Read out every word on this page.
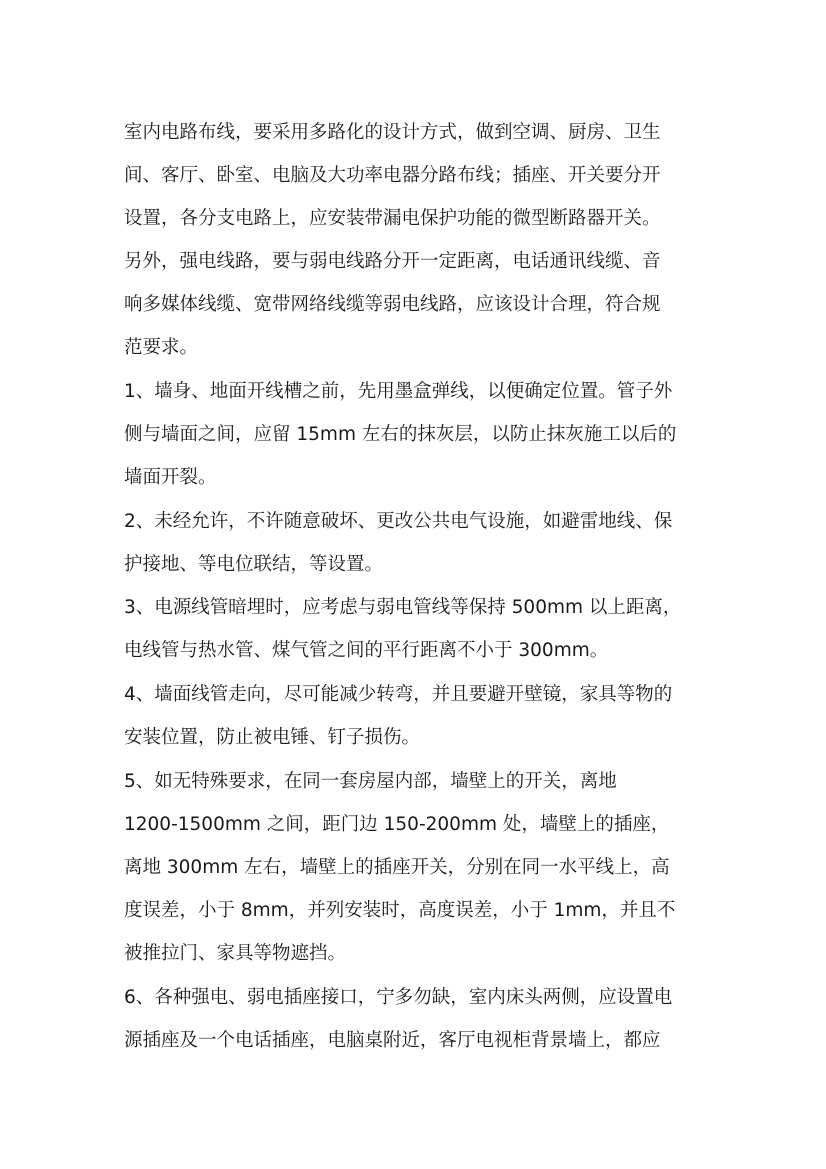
室内电路布线，要采用多路化的设计方式，做到空调、厨房、卫生

间、客厅、卧室、电脑及大功率电器分路布线；插座、开关要分开

设置，各分支电路上，应安装带漏电保护功能的微型断路器开关。

另外，强电线路，要与弱电线路分开一定距离，电话通讯线缆、音

响多媒体线缆、宽带网络线缆等弱电线路，应该设计合理，符合规

范要求。

1、墙身、地面开线槽之前，先用墨盒弹线，以便确定位置。管子外

侧与墙面之间，应留 15mm 左右的抹灰层，以防止抹灰施工以后的

墙面开裂。

2、未经允许，不许随意破坏、更改公共电气设施，如避雷地线、保

护接地、等电位联结，等设置。

3、电源线管暗埋时，应考虑与弱电管线等保持 500mm 以上距离，

电线管与热水管、煤气管之间的平行距离不小于 300mm。

4、墙面线管走向，尽可能减少转弯，并且要避开壁镜，家具等物的

安装位置，防止被电锤、钉子损伤。

5、如无特殊要求，在同一套房屋内部，墙壁上的开关，离地

1200-1500mm 之间，距门边 150-200mm 处，墙壁上的插座，

离地 300mm 左右，墙壁上的插座开关，分别在同一水平线上，高

度误差，小于 8mm，并列安装时，高度误差，小于 1mm，并且不

被推拉门、家具等物遮挡。

6、各种强电、弱电插座接口，宁多勿缺，室内床头两侧，应设置电

源插座及一个电话插座，电脑桌附近，客厅电视柜背景墙上，都应
